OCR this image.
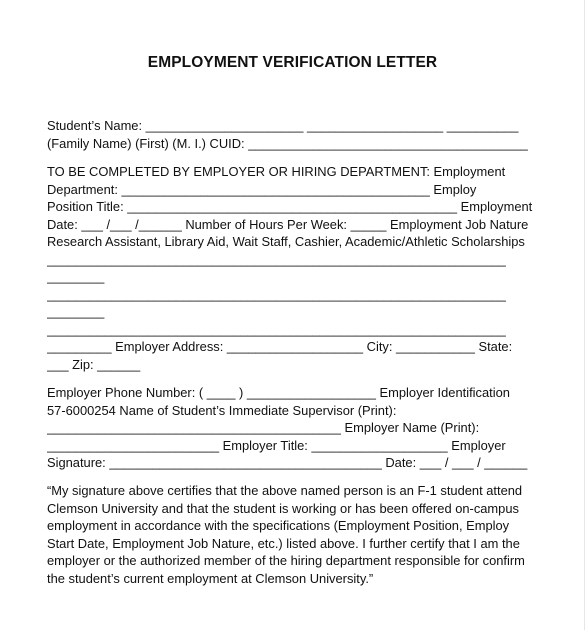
EMPLOYMENT VERIFICATION LETTER
Student’s Name: ______________________ ___________________ __________
(Family Name) (First) (M. I.) CUID: _______________________________________
TO BE COMPLETED BY EMPLOYER OR HIRING DEPARTMENT: Employment
Department: ___________________________________________ Employ
Position Title: ______________________________________________ Employment
Date: ___ /___ /______ Number of Hours Per Week: _____ Employment Job Nature
Research Assistant, Library Aid, Wait Staff, Cashier, Academic/Athletic Scholarships
________________________________________________________________
________
________________________________________________________________
________
________________________________________________________________
_________ Employer Address: ___________________ City: ___________ State:
___ Zip: ______
Employer Phone Number: ( ____ ) __________________ Employer Identification
57-6000254 Name of Student’s Immediate Supervisor (Print):
_________________________________________ Employer Name (Print):
________________________ Employer Title: ___________________ Employer
Signature: ______________________________________ Date: ___ / ___ / ______
“My signature above certifies that the above named person is an F-1 student attend
Clemson University and that the student is working or has been offered on-campus
employment in accordance with the specifications (Employment Position, Employ
Start Date, Employment Job Nature, etc.) listed above. I further certify that I am the
employer or the authorized member of the hiring department responsible for confirm
the student’s current employment at Clemson University.”
